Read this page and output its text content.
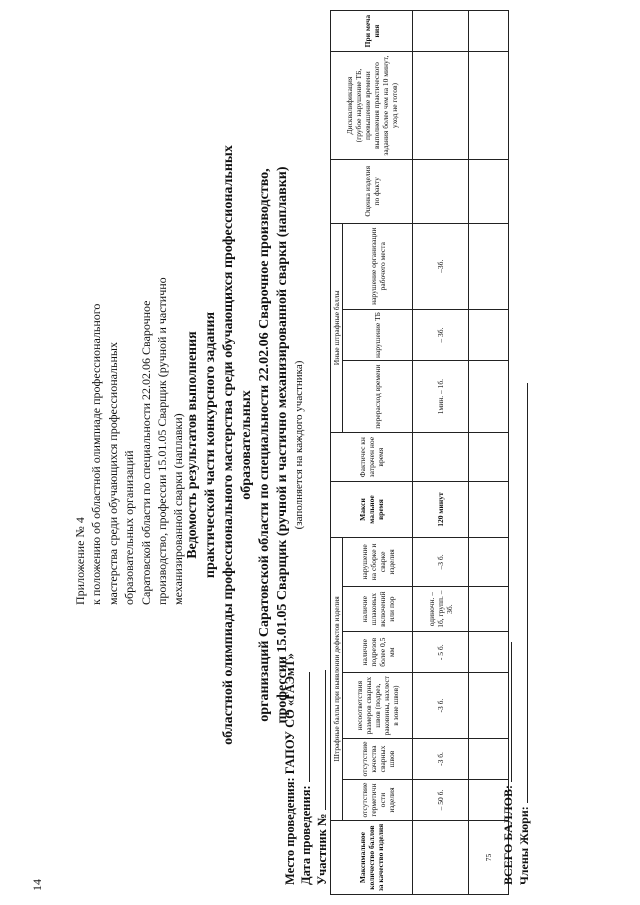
14
Приложение № 4 к положению об областной олимпиаде профессионального мастерства среди обучающихся профессиональных образовательных организаций Саратовской области по специальности 22.02.06 Сварочное производство, профессии 15.01.05 Сварщик (ручной и частично механизированной сварки (наплавки) Ведомость результатов выполнения практической части конкурсного задания областной олимпиады профессионального мастерства среди обучающихся профессиональных образовательных организаций Саратовской области по специальности 22.02.06 Сварочное производство, профессии 15.01.05 Сварщик (ручной и частично механизированной сварки (наплавки) (заполняется на каждого участника)
Место проведения: ГАПОУ СО «ГАЭмТ» Дата проведения: Участник №	Максимальное количество баллов за качество изделия	Штрафные баллы при выявлении дефектов изделия						Макси мальное время	Фактичес кн затрачен ное время	Иные штрафные баллы			Оценка изделия по факту	Дисквалификация (грубое нарушение ТБ, превышение времени выполнения практического задания более чем на 10 минут, уход не готов)	При меча ния
	отсутствие герметичн ости изделия	отсутствие качества сварных швов	несоответствия размеров сварных швов (подрез, раковины, нахлест в зоне швов)	наличие подрезов более 0,5 мм	наличие шлаковых включений или пор	нарушение на сборке и сварке изделия			перерасход времени	нарушение ТБ	нарушение организации рабочего места			
	– 50 б.	-3 б.	-3 б.	- 5 б.	одиночн. – 1б, групп. – 3б.	–3 б.	120 минут		1мин. – 1б.	– 3б.	–3б.			
75														ВСЕГО БАЛЛОВ: Члены Жюри:
